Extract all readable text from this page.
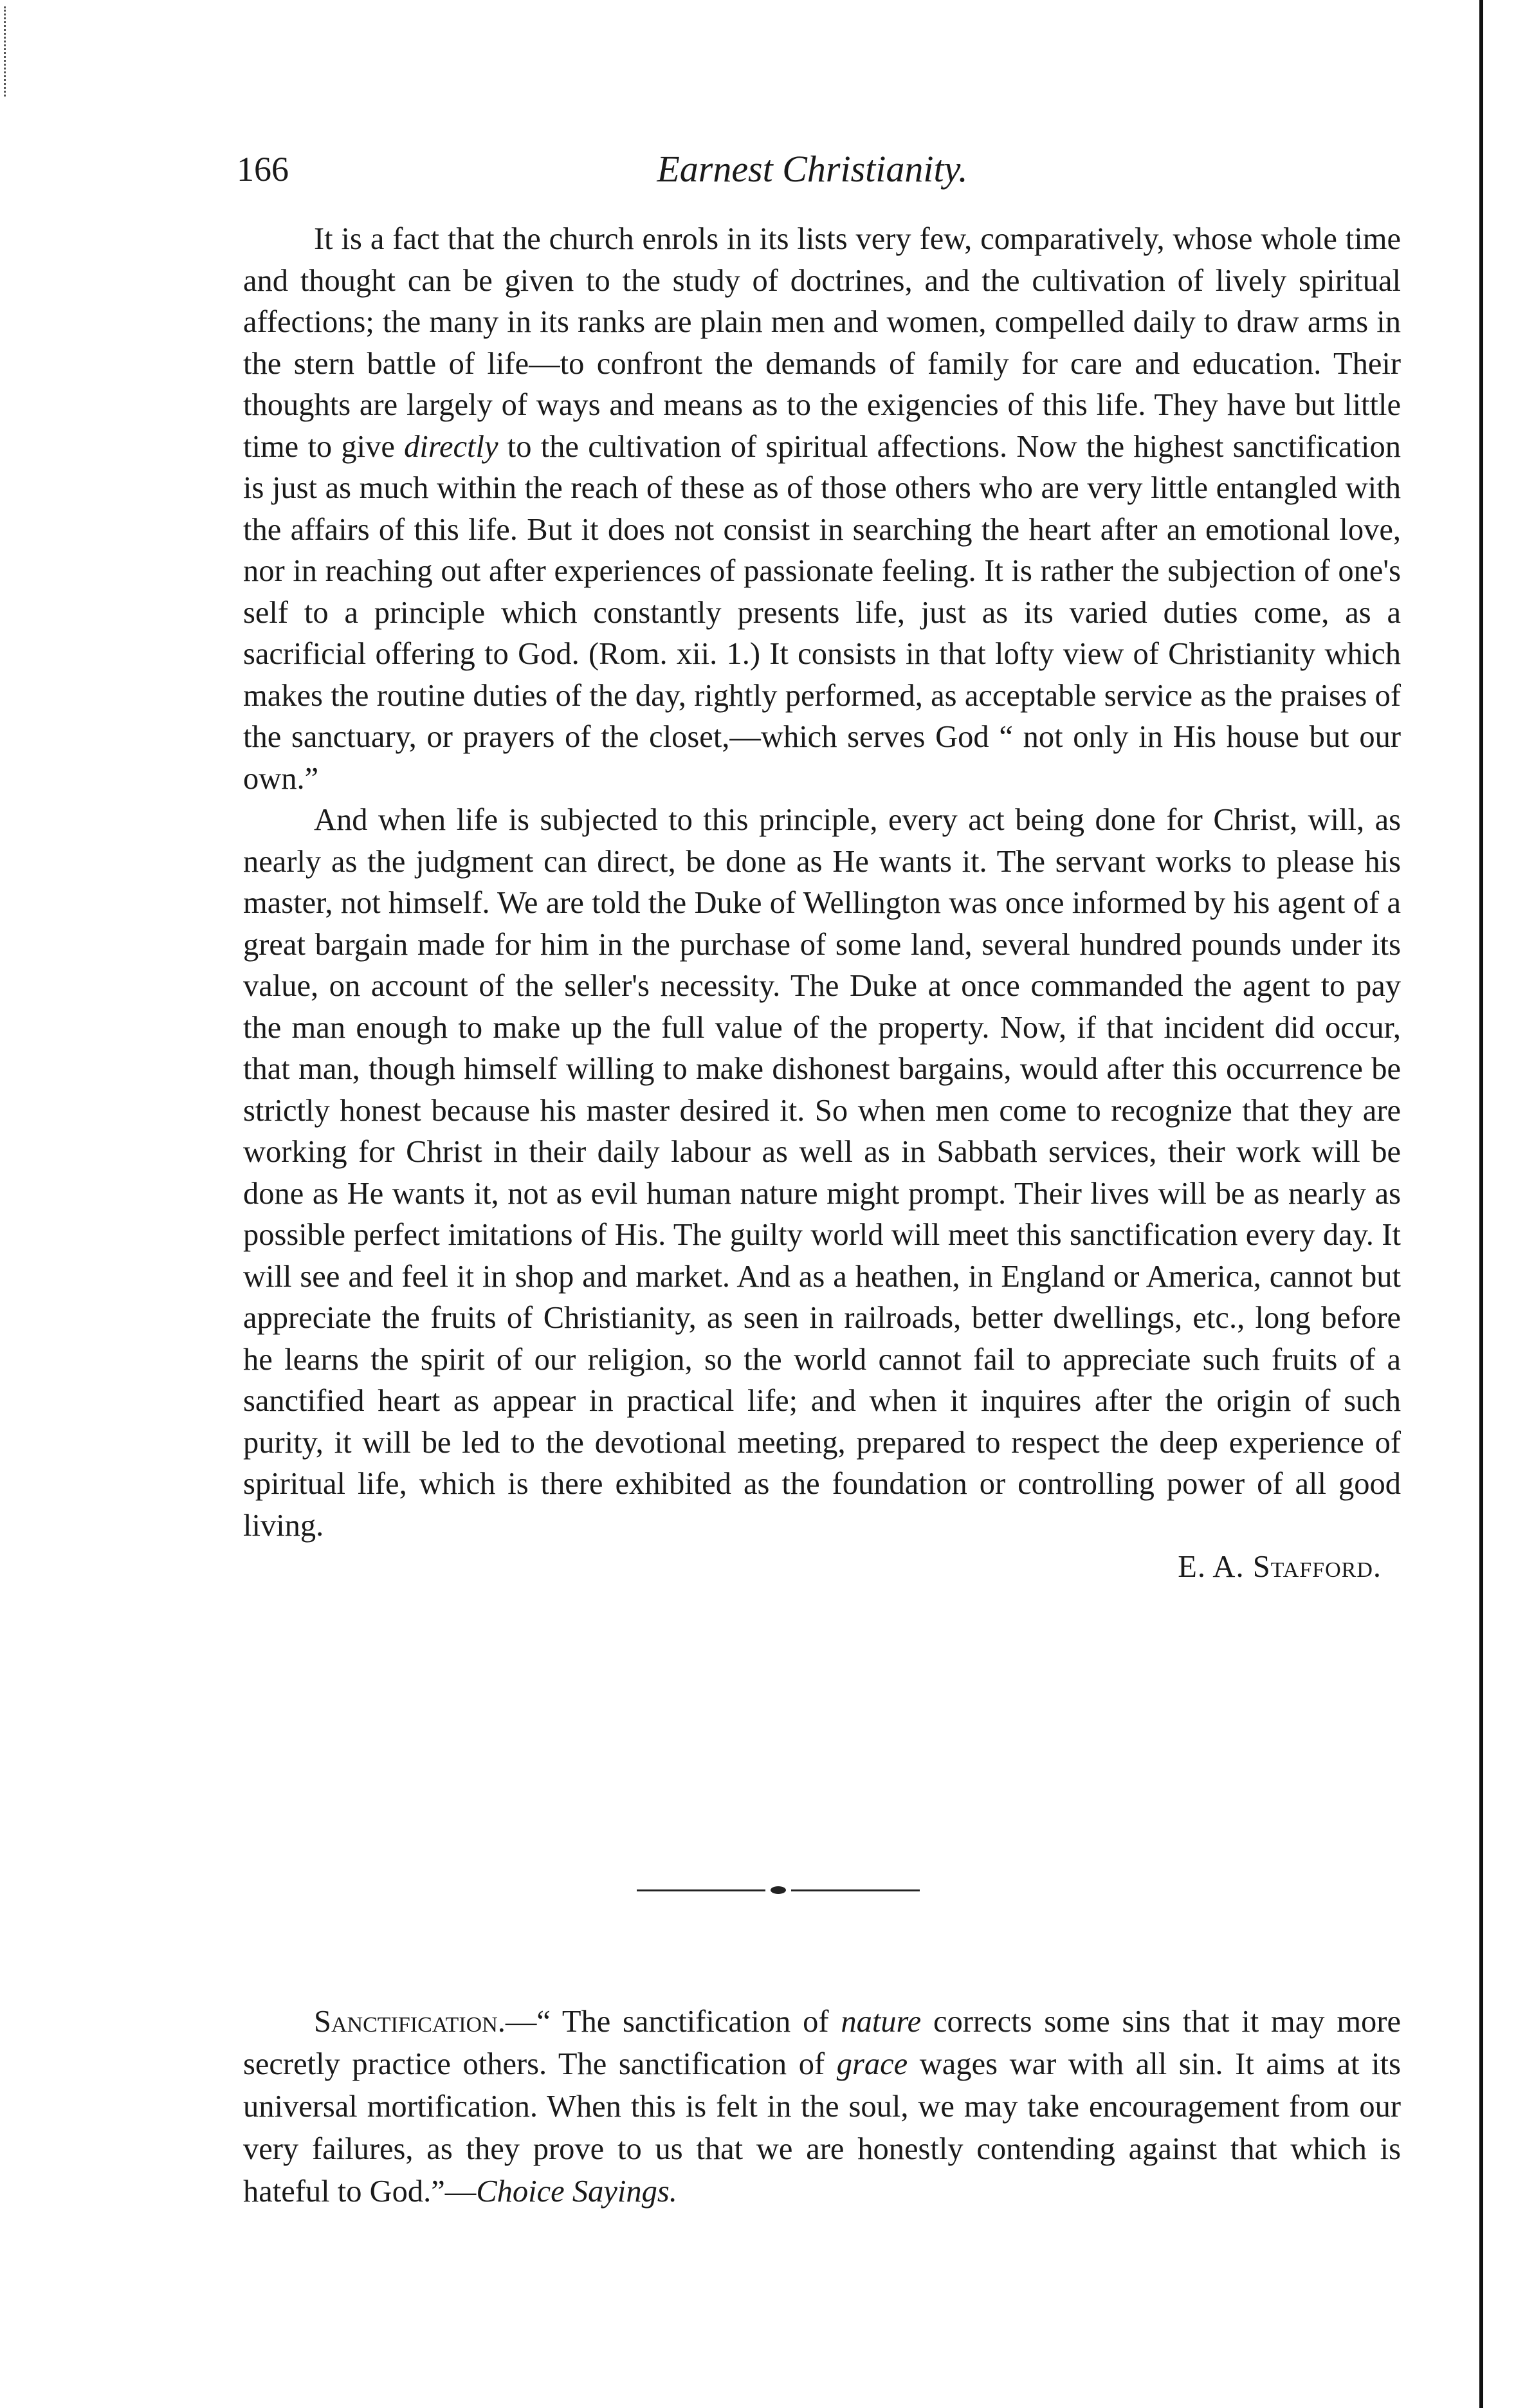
166	Earnest Christianity.

It is a fact that the church enrols in its lists very few, comparatively, whose whole time and thought can be given to the study of doctrines, and the cultivation of lively spiritual affections; the many in its ranks are plain men and women, compelled daily to draw arms in the stern battle of life—to confront the demands of family for care and education. Their thoughts are largely of ways and means as to the exigencies of this life. They have but little time to give directly to the cultivation of spiritual affections. Now the highest sanctification is just as much within the reach of these as of those others who are very little entangled with the affairs of this life. But it does not consist in searching the heart after an emotional love, nor in reaching out after experiences of passionate feeling. It is rather the subjection of one's self to a principle which constantly presents life, just as its varied duties come, as a sacrificial offering to God. (Rom. xii. 1.) It consists in that lofty view of Christianity which makes the routine duties of the day, rightly performed, as acceptable service as the praises of the sanctuary, or prayers of the closet,—which serves God “ not only in His house but our own.”

And when life is subjected to this principle, every act being done for Christ, will, as nearly as the judgment can direct, be done as He wants it. The servant works to please his master, not himself. We are told the Duke of Wellington was once informed by his agent of a great bargain made for him in the purchase of some land, several hundred pounds under its value, on account of the seller's necessity. The Duke at once commanded the agent to pay the man enough to make up the full value of the property. Now, if that incident did occur, that man, though himself willing to make dishonest bargains, would after this occurrence be strictly honest because his master desired it. So when men come to recognize that they are working for Christ in their daily labour as well as in Sabbath services, their work will be done as He wants it, not as evil human nature might prompt. Their lives will be as nearly as possible perfect imitations of His. The guilty world will meet this sanctification every day. It will see and feel it in shop and market. And as a heathen, in England or America, cannot but appreciate the fruits of Christianity, as seen in railroads, better dwellings, etc., long before he learns the spirit of our religion, so the world cannot fail to appreciate such fruits of a sanctified heart as appear in practical life; and when it inquires after the origin of such purity, it will be led to the devotional meeting, prepared to respect the deep experience of spiritual life, which is there exhibited as the foundation or controlling power of all good living.

E. A. Stafford.

Sanctification.—“ The sanctification of nature corrects some sins that it may more secretly practice others. The sanctification of grace wages war with all sin. It aims at its universal mortification. When this is felt in the soul, we may take encouragement from our very failures, as they prove to us that we are honestly contending against that which is hateful to God.”—Choice Sayings.
